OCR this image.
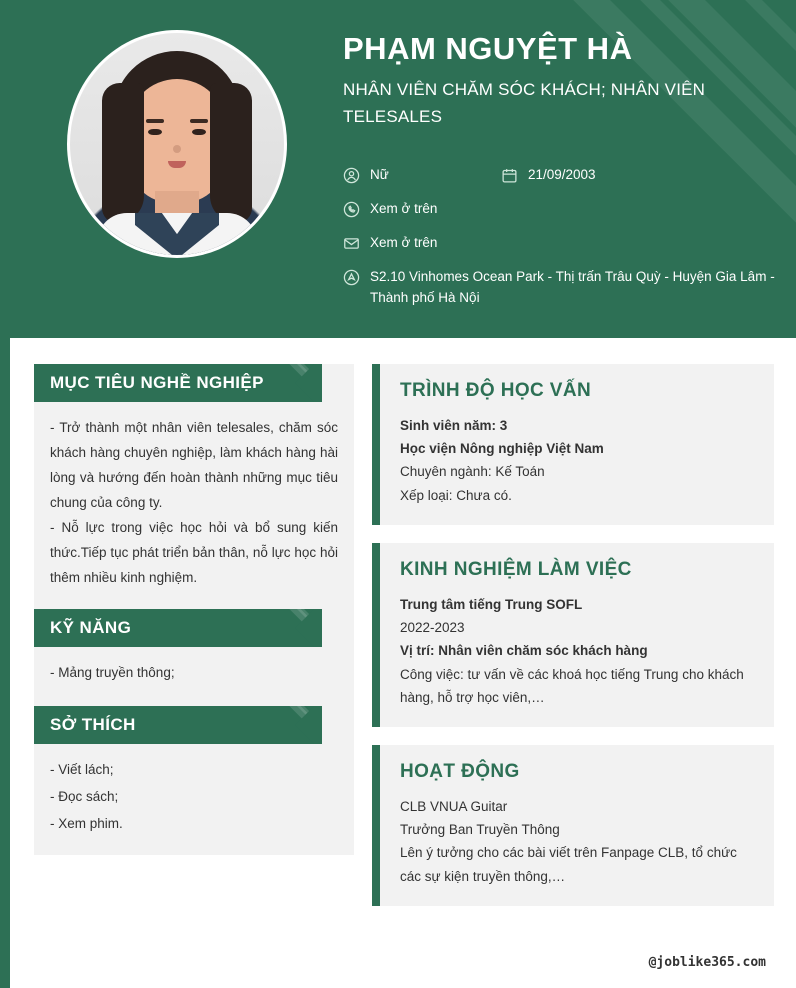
PHẠM NGUYỆT HÀ
NHÂN VIÊN CHĂM SÓC KHÁCH; NHÂN VIÊN TELESALES
Nữ	21/09/2003
Xem ở trên
Xem ở trên
S2.10 Vinhomes Ocean Park - Thị trấn Trâu Quỳ - Huyện Gia Lâm - Thành phố Hà Nội
MỤC TIÊU NGHỀ NGHIỆP

- Trở thành một nhân viên telesales, chăm sóc khách hàng chuyên nghiệp, làm khách hàng hài lòng và hướng đến hoàn thành những mục tiêu chung của công ty.

- Nỗ lực trong việc học hỏi và bổ sung kiến thức.Tiếp tục phát triển bản thân, nỗ lực học hỏi thêm nhiều kinh nghiệm.

KỸ NĂNG
- Mảng truyền thông;
SỞ THÍCH
- Viết lách;
- Đọc sách;
- Xem phim.
TRÌNH ĐỘ HỌC VẤN
Sinh viên năm: 3
Học viện Nông nghiệp Việt Nam
Chuyên ngành: Kế Toán
Xếp loại: Chưa có.
KINH NGHIỆM LÀM VIỆC
Trung tâm tiếng Trung SOFL
2022-2023
Vị trí: Nhân viên chăm sóc khách hàng
Công việc: tư vấn về các khoá học tiếng Trung cho khách hàng, hỗ trợ học viên,…
HOẠT ĐỘNG
CLB VNUA Guitar
Trưởng Ban Truyền Thông
Lên ý tưởng cho các bài viết trên Fanpage CLB, tổ chức các sự kiện truyền thông,…
@joblike365.com
